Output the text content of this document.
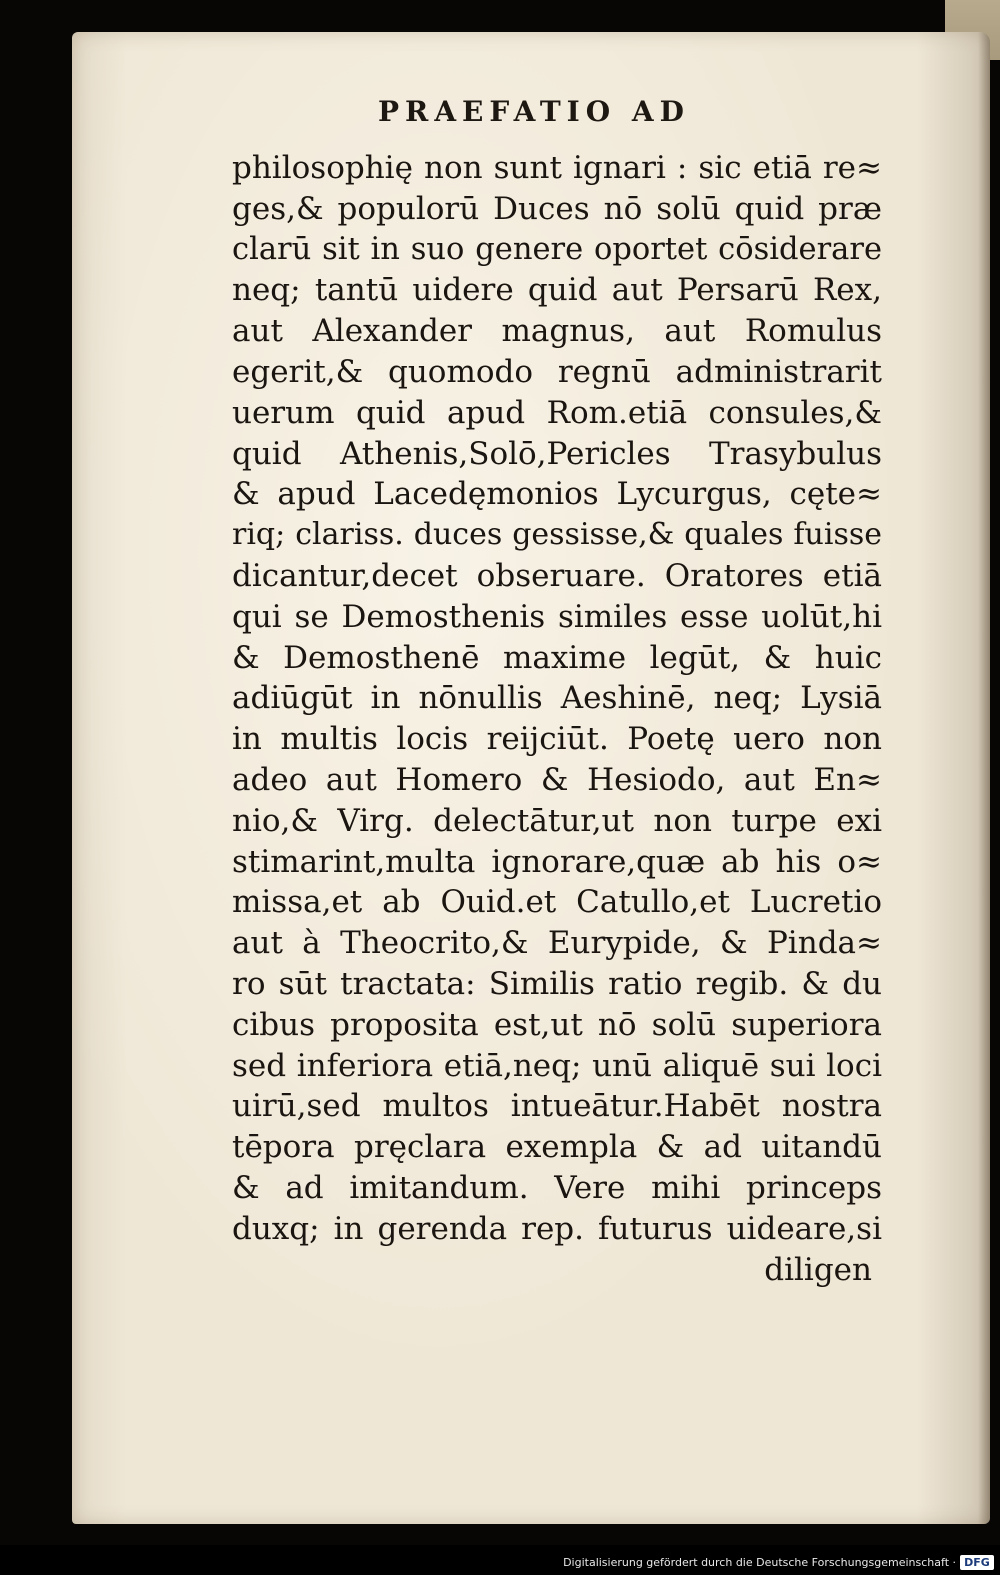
PRAEFATIO AD
philosophię non sunt ignari : sic etiā re≈
ges,& populorū Duces nō solū quid præ
clarū sit in suo genere oportet cōsiderare
neq; tantū uidere quid aut Persarū Rex,
aut Alexander magnus, aut Romulus
egerit,& quomodo regnū administrarit
uerum quid apud Rom.etiā consules,&
quid Athenis,Solō,Pericles Trasybulus
& apud Lacedęmonios Lycurgus, cęte≈
riq; clariss. duces gessisse,& quales fuisse
dicantur,decet obseruare. Oratores etiā
qui se Demosthenis similes esse uolūt,hi
& Demosthenē maxime legūt, & huic
adiūgūt in nōnullis Aeshinē, neq; Lysiā
in multis locis reijciūt. Poetę uero non
adeo aut Homero & Hesiodo, aut En≈
nio,& Virg. delectātur,ut non turpe exi
stimarint,multa ignorare,quæ ab his o≈
missa,et ab Ouid.et Catullo,et Lucretio
aut à Theocrito,& Eurypide, & Pinda≈
ro sūt tractata: Similis ratio regib. & du
cibus proposita est,ut nō solū superiora
sed inferiora etiā,neq; unū aliquē sui loci
uirū,sed multos intueātur.Habēt nostra
tēpora pręclara exempla & ad uitandū
& ad imitandum. Vere mihi princeps
duxq; in gerenda rep. futurus uideare,si
diligen
Digitalisierung gefördert durch die Deutsche Forschungsgemeinschaft · DFG
